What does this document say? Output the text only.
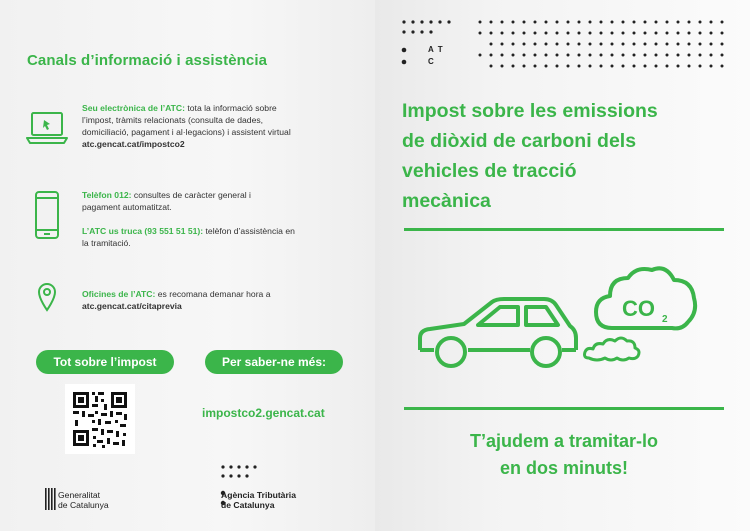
Canals d’informació i assistència
Seu electrònica de l’ATC: tota la informació sobre
l’impost, tràmits relacionats (consulta de dades,
domiciliació, pagament i al·legacions) i assistent virtual
atc.gencat.cat/impostco2
Telèfon 012: consultes de caràcter general i
pagament automatitzat.

L’ATC us truca (93 551 51 51): telèfon d’assistència en
la tramitació.
Oficines de l’ATC: es recomana demanar hora a
atc.gencat.cat/citaprevia
Tot sobre l’impost	Per saber-ne més:
impostco2.gencat.cat
Generalitat
de Catalunya
Agència Tributària
de Catalunya
A T
C
Impost sobre les emissions
de diòxid de carboni dels
vehicles de tracció
mecànica
CO 2
T’ajudem a tramitar-lo
en dos minuts!
